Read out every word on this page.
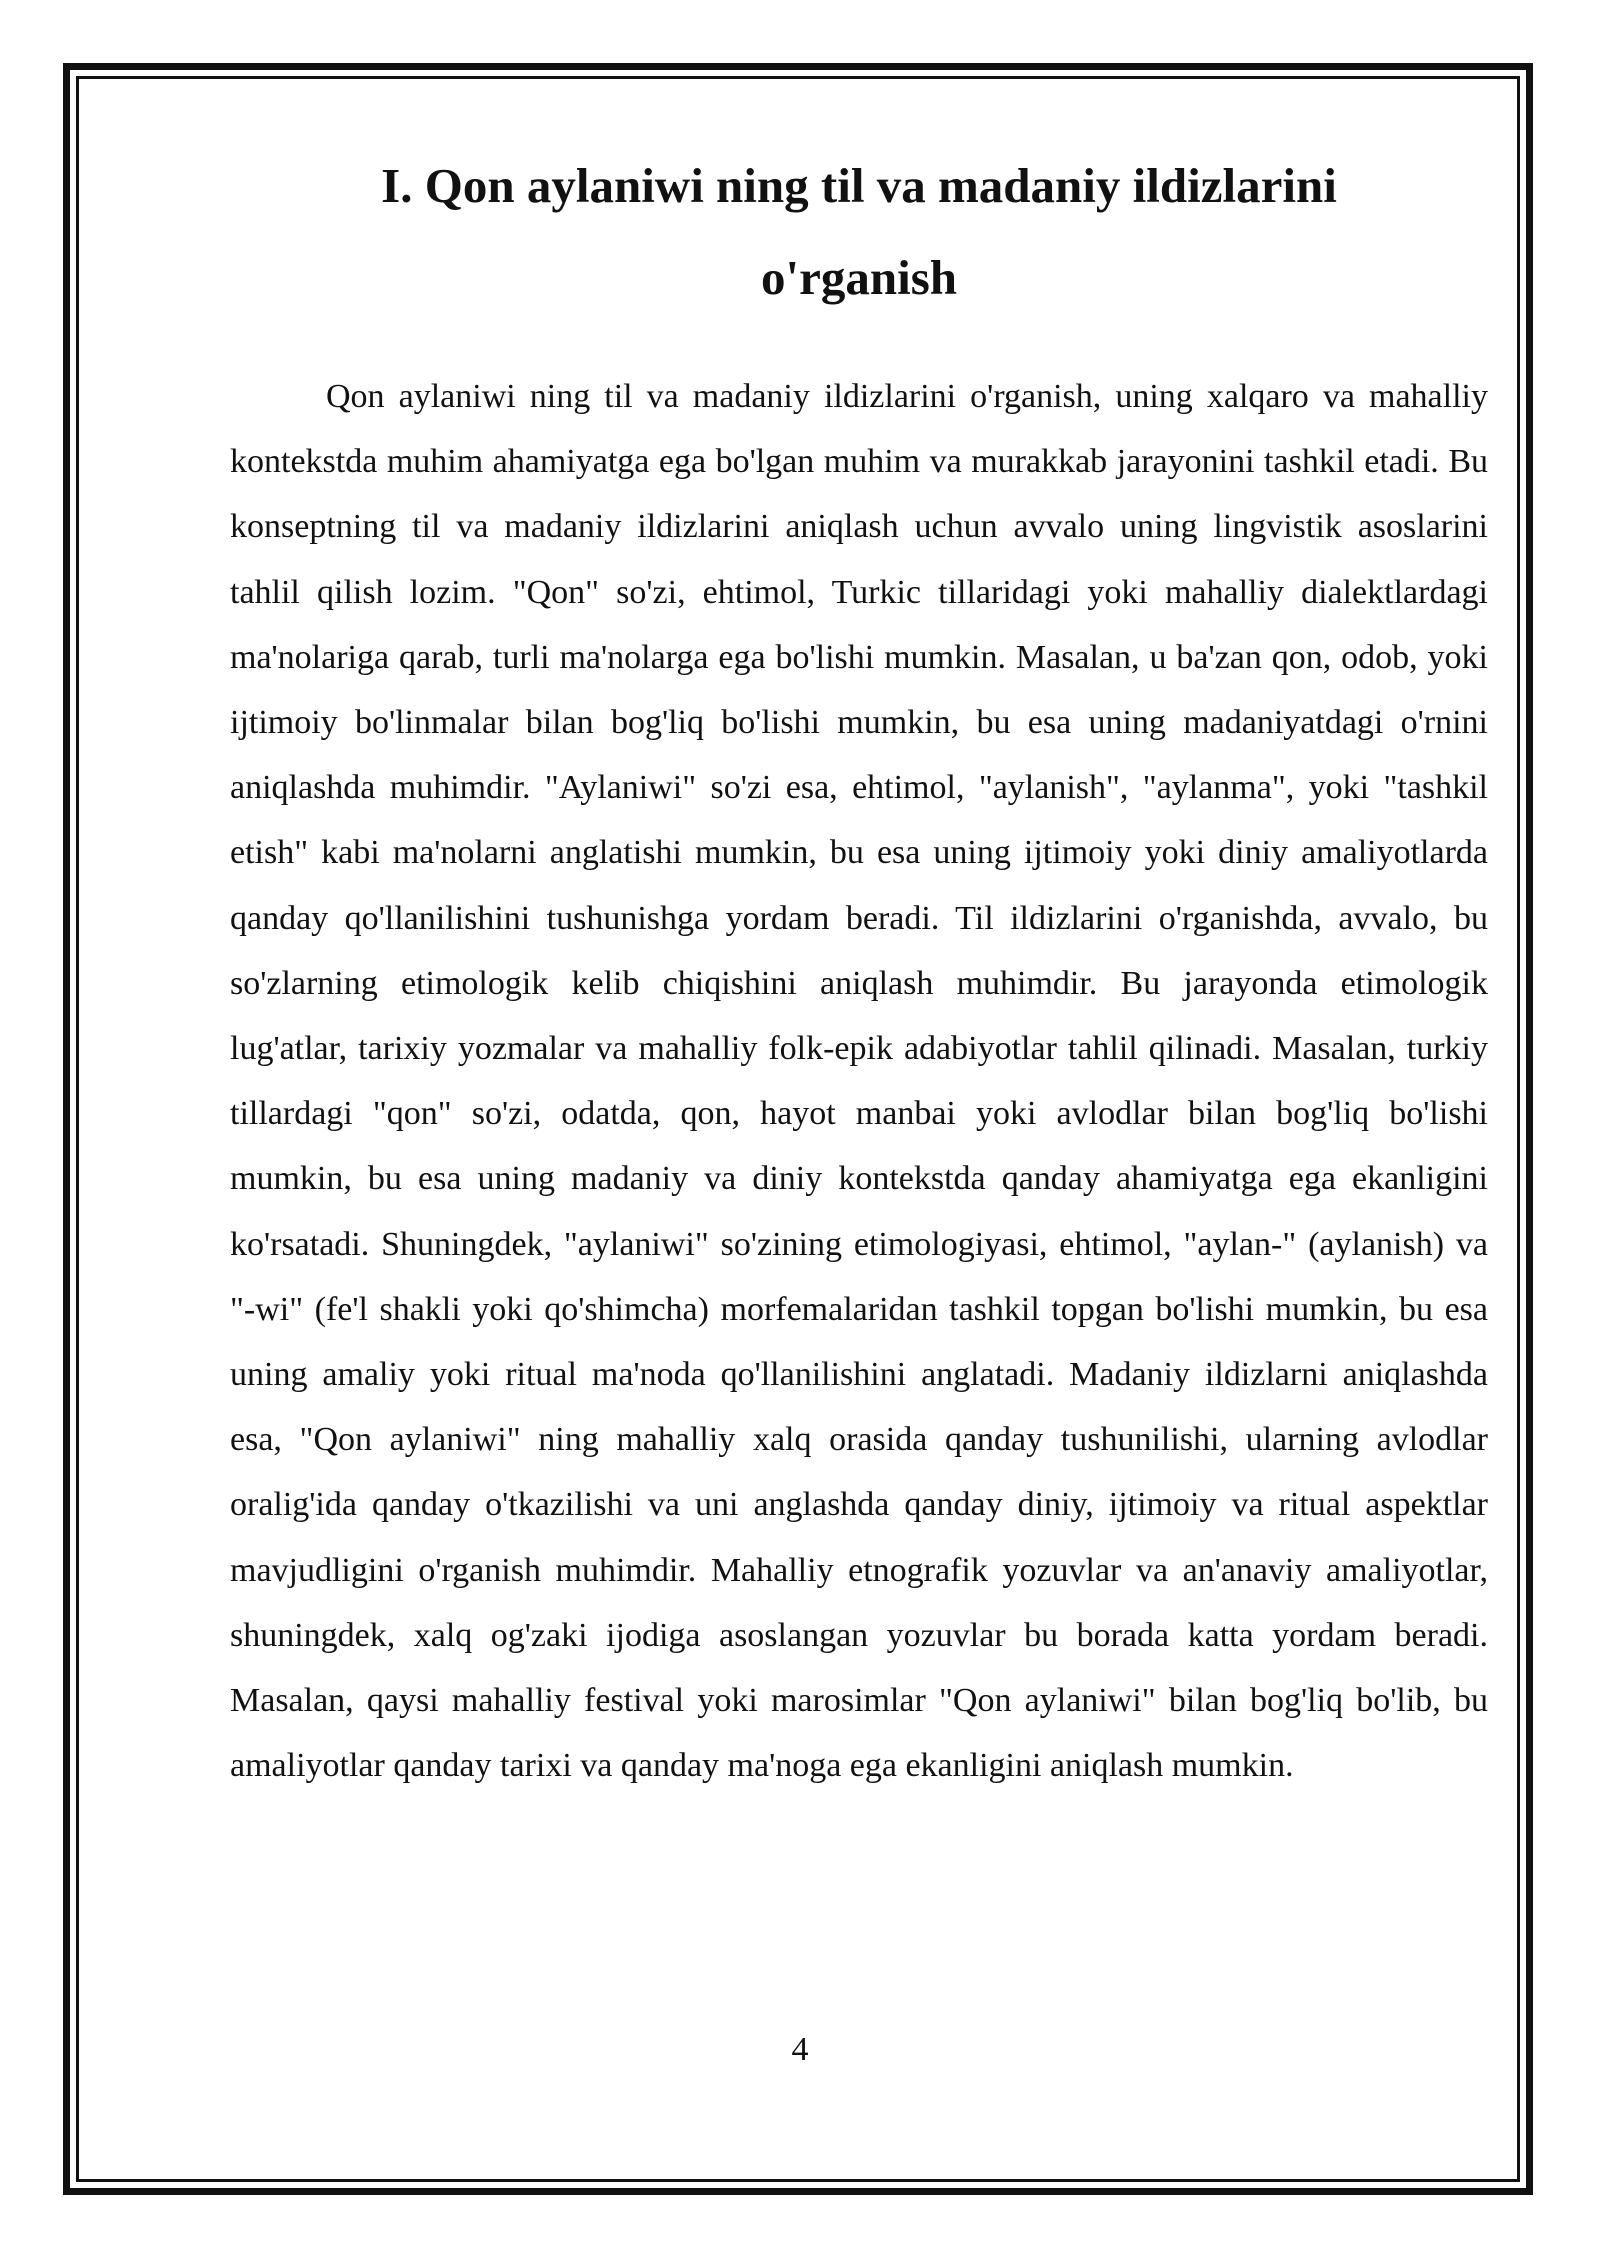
I. Qon aylaniwi ning til va madaniy ildizlarini
o'rganish

Qon aylaniwi ning til va madaniy ildizlarini o'rganish, uning xalqaro va mahalliy kontekstda muhim ahamiyatga ega bo'lgan muhim va murakkab jarayonini tashkil etadi. Bu konseptning til va madaniy ildizlarini aniqlash uchun avvalo uning lingvistik asoslarini tahlil qilish lozim. "Qon" so'zi, ehtimol, Turkic tillaridagi yoki mahalliy dialektlardagi ma'nolariga qarab, turli ma'nolarga ega bo'lishi mumkin. Masalan, u ba'zan qon, odob, yoki ijtimoiy bo'linmalar bilan bog'liq bo'lishi mumkin, bu esa uning madaniyatdagi o'rnini aniqlashda muhimdir. "Aylaniwi" so'zi esa, ehtimol, "aylanish", "aylanma", yoki "tashkil etish" kabi ma'nolarni anglatishi mumkin, bu esa uning ijtimoiy yoki diniy amaliyotlarda qanday qo'llanilishini tushunishga yordam beradi. Til ildizlarini o'rganishda, avvalo, bu so'zlarning etimologik kelib chiqishini aniqlash muhimdir. Bu jarayonda etimologik lug'atlar, tarixiy yozmalar va mahalliy folk-epik adabiyotlar tahlil qilinadi. Masalan, turkiy tillardagi "qon" so'zi, odatda, qon, hayot manbai yoki avlodlar bilan bog'liq bo'lishi mumkin, bu esa uning madaniy va diniy kontekstda qanday ahamiyatga ega ekanligini ko'rsatadi. Shuningdek, "aylaniwi" so'zining etimologiyasi, ehtimol, "aylan-" (aylanish) va "-wi" (fe'l shakli yoki qo'shimcha) morfemalaridan tashkil topgan bo'lishi mumkin, bu esa uning amaliy yoki ritual ma'noda qo'llanilishini anglatadi. Madaniy ildizlarni aniqlashda esa, "Qon aylaniwi" ning mahalliy xalq orasida qanday tushunilishi, ularning avlodlar oralig'ida qanday o'tkazilishi va uni anglashda qanday diniy, ijtimoiy va ritual aspektlar mavjudligini o'rganish muhimdir. Mahalliy etnografik yozuvlar va an'anaviy amaliyotlar, shuningdek, xalq og'zaki ijodiga asoslangan yozuvlar bu borada katta yordam beradi. Masalan, qaysi mahalliy festival yoki marosimlar "Qon aylaniwi" bilan bog'liq bo'lib, bu amaliyotlar qanday tarixi va qanday ma'noga ega ekanligini aniqlash mumkin.

4
